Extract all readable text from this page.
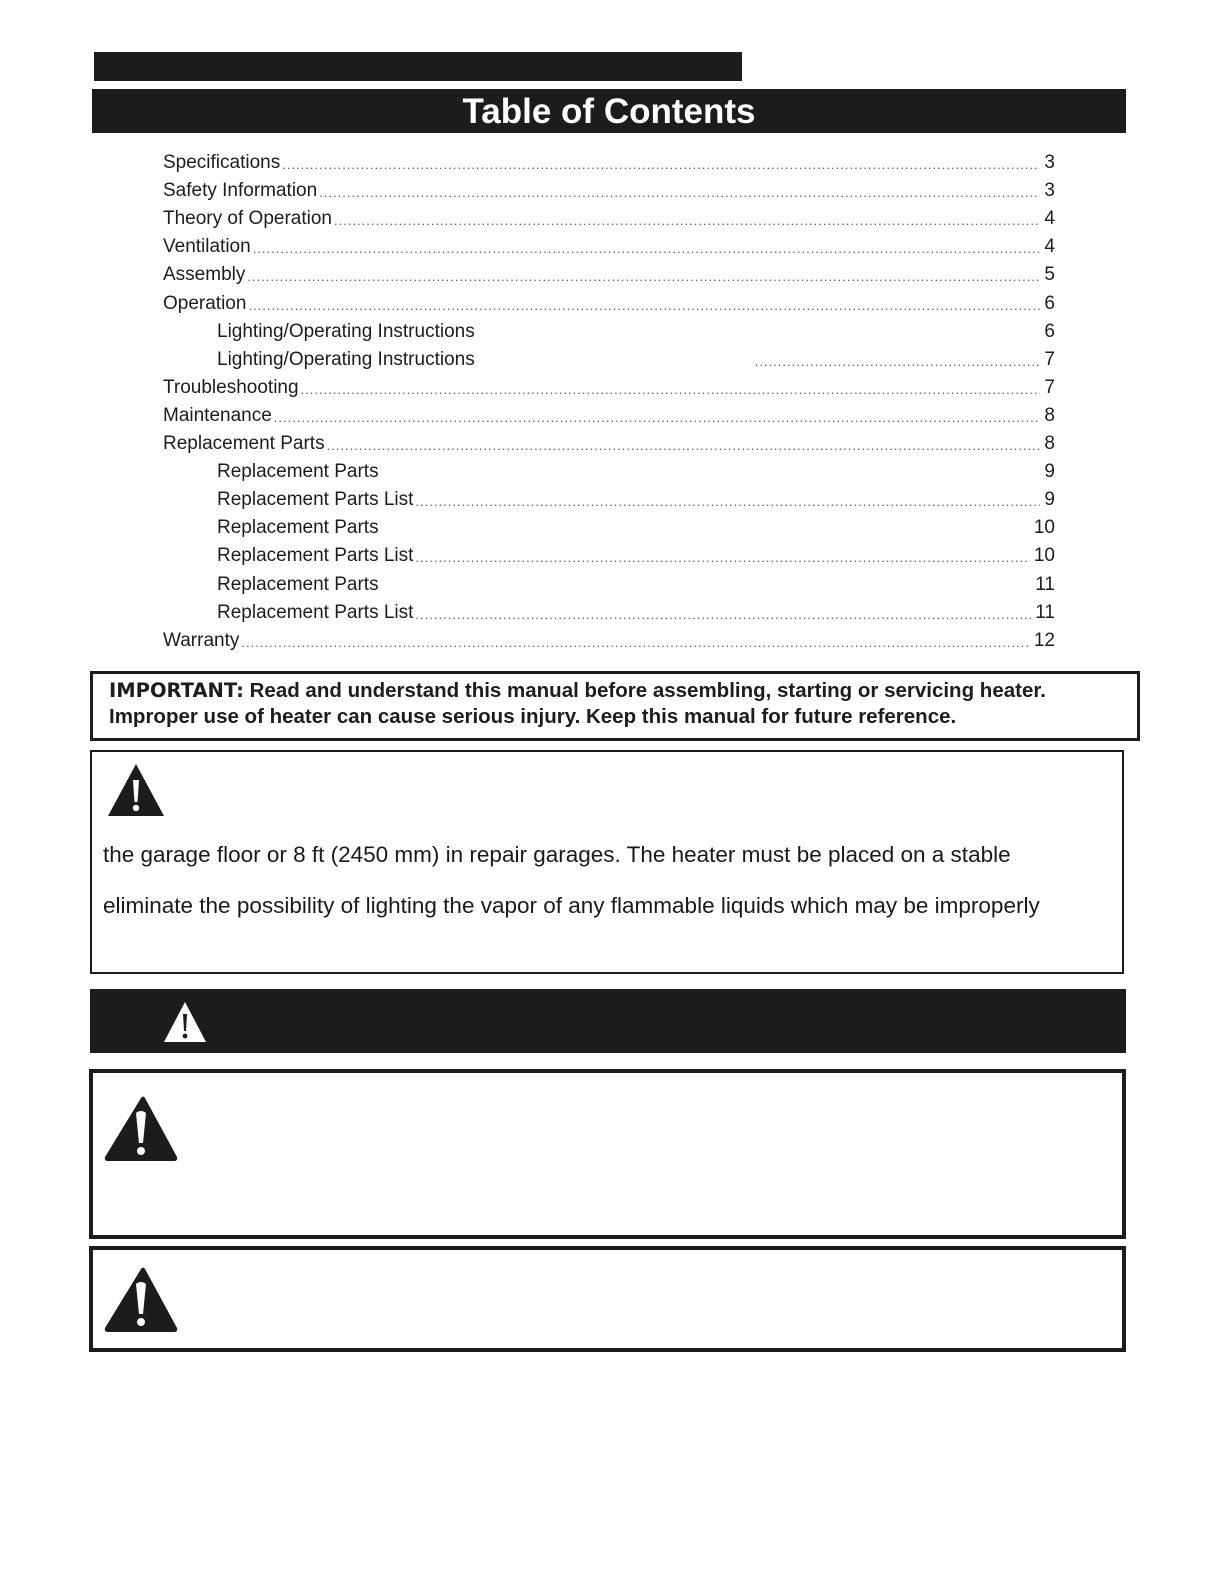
Table of Contents
Specifications .....	3
Safety Information .....	3
Theory of Operation .....	4
Ventilation .....	4
Assembly .....	5
Operation .....	6
Lighting/Operating Instructions	6
Lighting/Operating Instructions .....	7
Troubleshooting .....	7
Maintenance .....	8
Replacement Parts .....	8
Replacement Parts	9
Replacement Parts List .....	9
Replacement Parts	10
Replacement Parts List .....	10
Replacement Parts	11
Replacement Parts List .....	11
Warranty .....	12
IMPORTANT: Read and understand this manual before assembling, starting or servicing heater.
Improper use of heater can cause serious injury. Keep this manual for future reference.
the garage floor or 8 ft (2450 mm) in repair garages. The heater must be placed on a stable
eliminate the possibility of lighting the vapor of any flammable liquids which may be improperly
